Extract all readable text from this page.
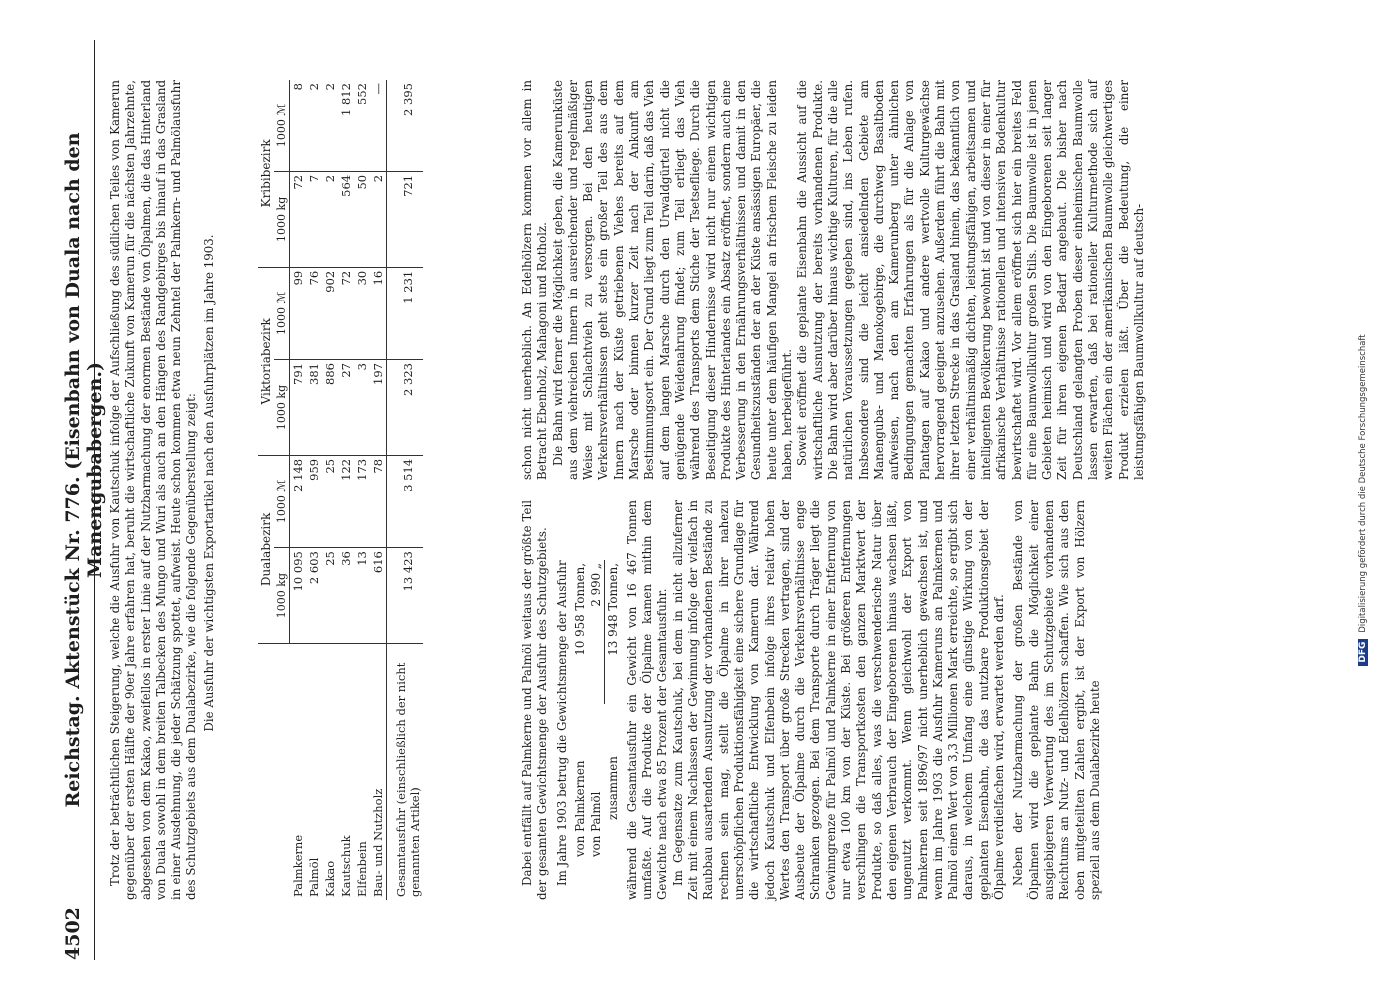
4502
Reichstag. Aktenstück Nr. 776. (Eisenbahn von Duala nach den Manengubabergen.) Trotz der beträchtlichen Steigerung, welche die Ausfuhr von Kautschuk infolge der Aufschließung des südlichen Teiles von Kamerun gegenüber der ersten Hälfte der 90er Jahre erfahren hat, beruht die wirtschaftliche Zukunft von Kamerun für die nächsten Jahrzehnte, abgesehen von dem Kakao, zweifellos in erster Linie auf der Nutzbarmachung der enormen Bestände von Ölpalmen, die das Hinterland von Duala sowohl in dem breiten Talbecken des Mungo und Wuri als auch an den Hängen des Randgebirges bis hinauf in das Grasland in einer Ausdehnung, die jeder Schätzung spottet, aufweist. Heute schon kommen etwa neun Zehntel der Palmkern- und Palmölausfuhr des Schutzgebiets aus dem Dualabezirke, wie die folgende Gegenüberstellung zeigt: Die Ausfuhr der wichtigsten Exportartikel nach den Ausfuhrplätzen im Jahre 1903.

		Dualabezirk		Viktoriabezirk		Kribibezirk	
	1000 kg	1000 ℳ	1000 kg	1000 ℳ	1000 kg	1000 ℳ
Palmkerne	10 095	2 148	791	99	72	8
Palmöl	2 603	959	381	76	7	2
Kakao	25	25	886	902	2	2
Kautschuk	36	122	27	72	564	1 812
Elfenbein	13	173	3	30	50	552
Bau- und Nutzholz	616	78	197	16	2	—
Gesamtausfuhr (einschließlich der nicht genannten Artikel)	13 423	3 514	2 323	1 231	721	2 395

Dabei entfällt auf Palmkerne und Palmöl weitaus der größte Teil der gesamten Gewichtsmenge der Ausfuhr des Schutzgebiets. Im Jahre 1903 betrug die Gewichtsmenge der Ausfuhr von Palmkernen	10 958 Tonnen,
von Palmöl	2 990 „
zusammen	13 948 Tonnen, während die Gesamtausfuhr ein Gewicht von 16 467 Tonnen umfaßte. Auf die Produkte der Ölpalme kamen mithin dem Gewichte nach etwa 85 Prozent der Gesamtausfuhr. Im Gegensatze zum Kautschuk, bei dem in nicht allzuferner Zeit mit einem Nachlassen der Gewinnung infolge der vielfach in Raubbau ausartenden Ausnutzung der vorhandenen Bestände zu rechnen sein mag, stellt die Ölpalme in ihrer nahezu unerschöpflichen Produktionsfähigkeit eine sichere Grundlage für die wirtschaftliche Entwicklung von Kamerun dar. Während jedoch Kautschuk und Elfenbein infolge ihres relativ hohen Wertes den Transport über große Strecken vertragen, sind der Ausbeute der Ölpalme durch die Verkehrsverhältnisse enge Schranken gezogen. Bei dem Transporte durch Träger liegt die Gewinngrenze für Palmöl und Palmkerne in einer Entfernung von nur etwa 100 km von der Küste. Bei größeren Entfernungen verschlingen die Transportkosten den ganzen Marktwert der Produkte, so daß alles, was die verschwenderische Natur über den eigenen Verbrauch der Eingeborenen hinaus wachsen läßt, ungenutzt verkommt. Wenn gleichwohl der Export von Palmkernen seit 1896/97 nicht unerheblich gewachsen ist, und wenn im Jahre 1903 die Ausfuhr Kameruns an Palmkernen und Palmöl einen Wert von 3,3 Millionen Mark erreichte, so ergibt sich daraus, in welchem Umfang eine günstige Wirkung von der geplanten Eisenbahn, die das nutzbare Produktionsgebiet der Ölpalme verdielfachen wird, erwartet werden darf. Neben der Nutzbarmachung der großen Bestände von Ölpalmen wird die geplante Bahn die Möglichkeit einer ausgiebigeren Verwertung des im Schutzgebiete vorhandenen Reichtums an Nutz- und Edelhölzern schaffen. Wie sich aus den oben mitgeteilten Zahlen ergibt, ist der Export von Hölzern speziell aus dem Dualabezirke heute

schon nicht unerheblich. An Edelhölzern kommen vor allem in Betracht Ebenholz, Mahagoni und Rotholz. Die Bahn wird ferner die Möglichkeit geben, die Kamerunküste aus dem viehreichen Innern in ausreichender und regelmäßiger Weise mit Schlachtvieh zu versorgen. Bei den heutigen Verkehrsverhältnissen geht stets ein großer Teil des aus dem Innern nach der Küste getriebenen Viehes bereits auf dem Marsche oder binnen kurzer Zeit nach der Ankunft am Bestimmungsort ein. Der Grund liegt zum Teil darin, daß das Vieh auf dem langen Marsche durch den Urwaldgürtel nicht die genügende Weidenahrung findet; zum Teil erliegt das Vieh während des Transports dem Stiche der Tsetsefliege. Durch die Beseitigung dieser Hindernisse wird nicht nur einem wichtigen Produkte des Hinterlandes ein Absatz eröffnet, sondern auch eine Verbesserung in den Ernährungsverhältnissen und damit in den Gesundheitszuständen der an der Küste ansässigen Europäer, die heute unter dem häufigen Mangel an frischem Fleische zu leiden haben, herbeigeführt. Soweit eröffnet die geplante Eisenbahn die Aussicht auf die wirtschaftliche Ausnutzung der bereits vorhandenen Produkte. Die Bahn wird aber darüber hinaus wichtige Kulturen, für die alle natürlichen Voraussetzungen gegeben sind, ins Leben rufen. Insbesondere sind die leicht ansiedelnden Gebiete am Manenguba- und Manokogebirge, die durchweg Basaltboden aufweisen, nach den am Kamerunberg unter ähnlichen Bedingungen gemachten Erfahrungen als für die Anlage von Plantagen auf Kakao und andere wertvolle Kulturgewächse hervorragend geeignet anzusehen. Außerdem führt die Bahn mit ihrer letzten Strecke in das Grasland hinein, das bekanntlich von einer verhältnismäßig dichten, leistungsfähigen, arbeitsamen und intelligenten Bevölkerung bewohnt ist und von dieser in einer für afrikanische Verhältnisse rationellen und intensiven Bodenkultur bewirtschaftet wird. Vor allem eröffnet sich hier ein breites Feld für eine Baumwollkultur großen Stils. Die Baumwolle ist in jenen Gebieten heimisch und wird von den Eingeborenen seit langer Zeit für ihren eigenen Bedarf angebaut. Die bisher nach Deutschland gelangten Proben dieser einheimischen Baumwolle lassen erwarten, daß bei rationeller Kulturmethode sich auf weiten Flächen ein der amerikanischen Baumwolle gleichwertiges Produkt erzielen läßt. Über die Bedeutung, die einer leistungsfähigen Baumwollkultur auf deutsch-

DFGDigitalisierung gefördert durch die Deutsche Forschungsgemeinschaft
